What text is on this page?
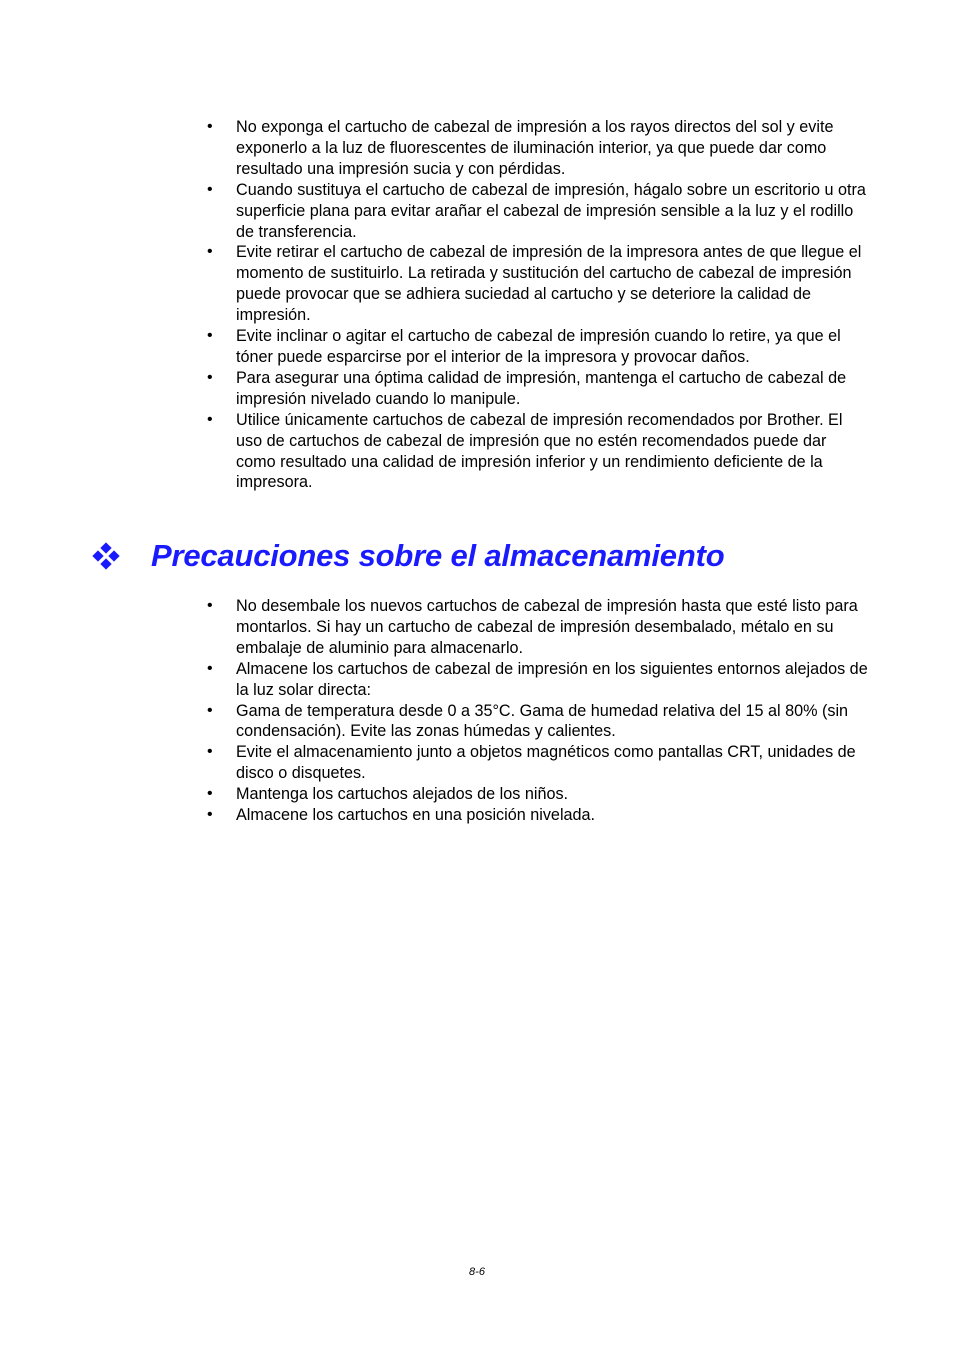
• No exponga el cartucho de cabezal de impresión a los rayos directos del sol y evite exponerlo a la luz de fluorescentes de iluminación interior, ya que puede dar como resultado una impresión sucia y con pérdidas.
• Cuando sustituya el cartucho de cabezal de impresión, hágalo sobre un escritorio u otra superficie plana para evitar arañar el cabezal de impresión sensible a la luz y el rodillo de transferencia.
• Evite retirar el cartucho de cabezal de impresión de la impresora antes de que llegue el momento de sustituirlo. La retirada y sustitución del cartucho de cabezal de impresión puede provocar que se adhiera suciedad al cartucho y se deteriore la calidad de impresión.
• Evite inclinar o agitar el cartucho de cabezal de impresión cuando lo retire, ya que el tóner puede esparcirse por el interior de la impresora y provocar daños.
• Para asegurar una óptima calidad de impresión, mantenga el cartucho de cabezal de impresión nivelado cuando lo manipule.
• Utilice únicamente cartuchos de cabezal de impresión recomendados por Brother. El uso de cartuchos de cabezal de impresión que no estén recomendados puede dar como resultado una calidad de impresión inferior y un rendimiento deficiente de la impresora.
Precauciones sobre el almacenamiento
• No desembale los nuevos cartuchos de cabezal de impresión hasta que esté listo para montarlos. Si hay un cartucho de cabezal de impresión desembalado, métalo en su embalaje de aluminio para almacenarlo.
• Almacene los cartuchos de cabezal de impresión en los siguientes entornos alejados de la luz solar directa:
• Gama de temperatura desde 0 a 35°C. Gama de humedad relativa del 15 al 80% (sin condensación). Evite las zonas húmedas y calientes.
• Evite el almacenamiento junto a objetos magnéticos como pantallas CRT, unidades de disco o disquetes.
• Mantenga los cartuchos alejados de los niños.
• Almacene los cartuchos en una posición nivelada.
8-6
